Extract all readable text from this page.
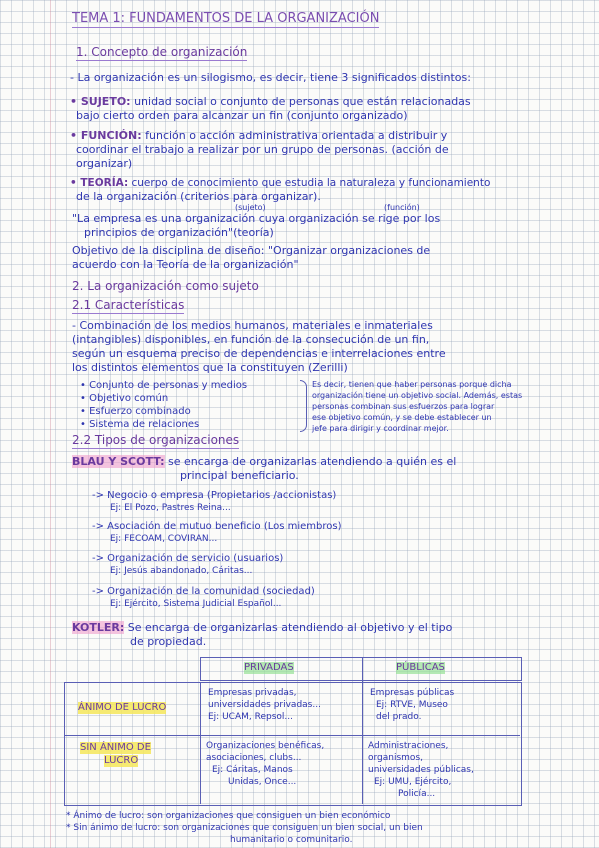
TEMA 1: FUNDAMENTOS DE LA ORGANIZACIÓN
1. Concepto de organización
- La organización es un silogismo, es decir, tiene 3 significados distintos:
• SUJETO: unidad social o conjunto de personas que están relacionadas
bajo cierto orden para alcanzar un fin (conjunto organizado)
• FUNCIÓN: función o acción administrativa orientada a distribuir y
coordinar el trabajo a realizar por un grupo de personas. (acción de
organizar)
• TEORÍA: cuerpo de conocimiento que estudia la naturaleza y funcionamiento
de la organización (criterios para organizar).
(sujeto)	(función)
"La empresa es una organización cuya organización se rige por los
principios de organización"(teoría)
Objetivo de la disciplina de diseño: "Organizar organizaciones de
acuerdo con la Teoría de la organización"
2. La organización como sujeto
2.1 Características
- Combinación de los medios humanos, materiales e inmateriales
(intangibles) disponibles, en función de la consecución de un fin,
según un esquema preciso de dependencias e interrelaciones entre
los distintos elementos que la constituyen (Zerilli)
• Conjunto de personas y medios
• Objetivo común
• Esfuerzo combinado
• Sistema de relaciones
Es decir, tienen que haber personas porque dicha
organización tiene un objetivo social. Además, estas
personas combinan sus esfuerzos para lograr
ese objetivo común, y se debe establecer un
jefe para dirigir y coordinar mejor.
2.2 Tipos de organizaciones
BLAU Y SCOTT: se encarga de organizarlas atendiendo a quién es el
principal beneficiario.
-> Negocio o empresa (Propietarios /accionistas)
Ej: El Pozo, Pastres Reina...
-> Asociación de mutuo beneficio (Los miembros)
Ej: FECOAM, COVIRAN...
-> Organización de servicio (usuarios)
Ej: Jesús abandonado, Cáritas...
-> Organización de la comunidad (sociedad)
Ej: Ejército, Sistema Judicial Español...
KOTLER: Se encarga de organizarlas atendiendo al objetivo y el tipo
de propiedad.
PRIVADAS	PÚBLICAS
ÁNIMO DE LUCRO
SIN ÁNIMO DE
LUCRO
Empresas privadas,
universidades privadas...
Ej: UCAM, Repsol...
Empresas públicas
Ej: RTVE, Museo
del prado.
Organizaciones benéficas,
asociaciones, clubs...
Ej: Cáritas, Manos
Unidas, Once...
Administraciones,
organismos,
universidades públicas,
Ej: UMU, Ejército,
Policía...
* Ánimo de lucro: son organizaciones que consiguen un bien económico
* Sin ánimo de lucro: son organizaciones que consiguen un bien social, un bien
humanitario o comunitario.
